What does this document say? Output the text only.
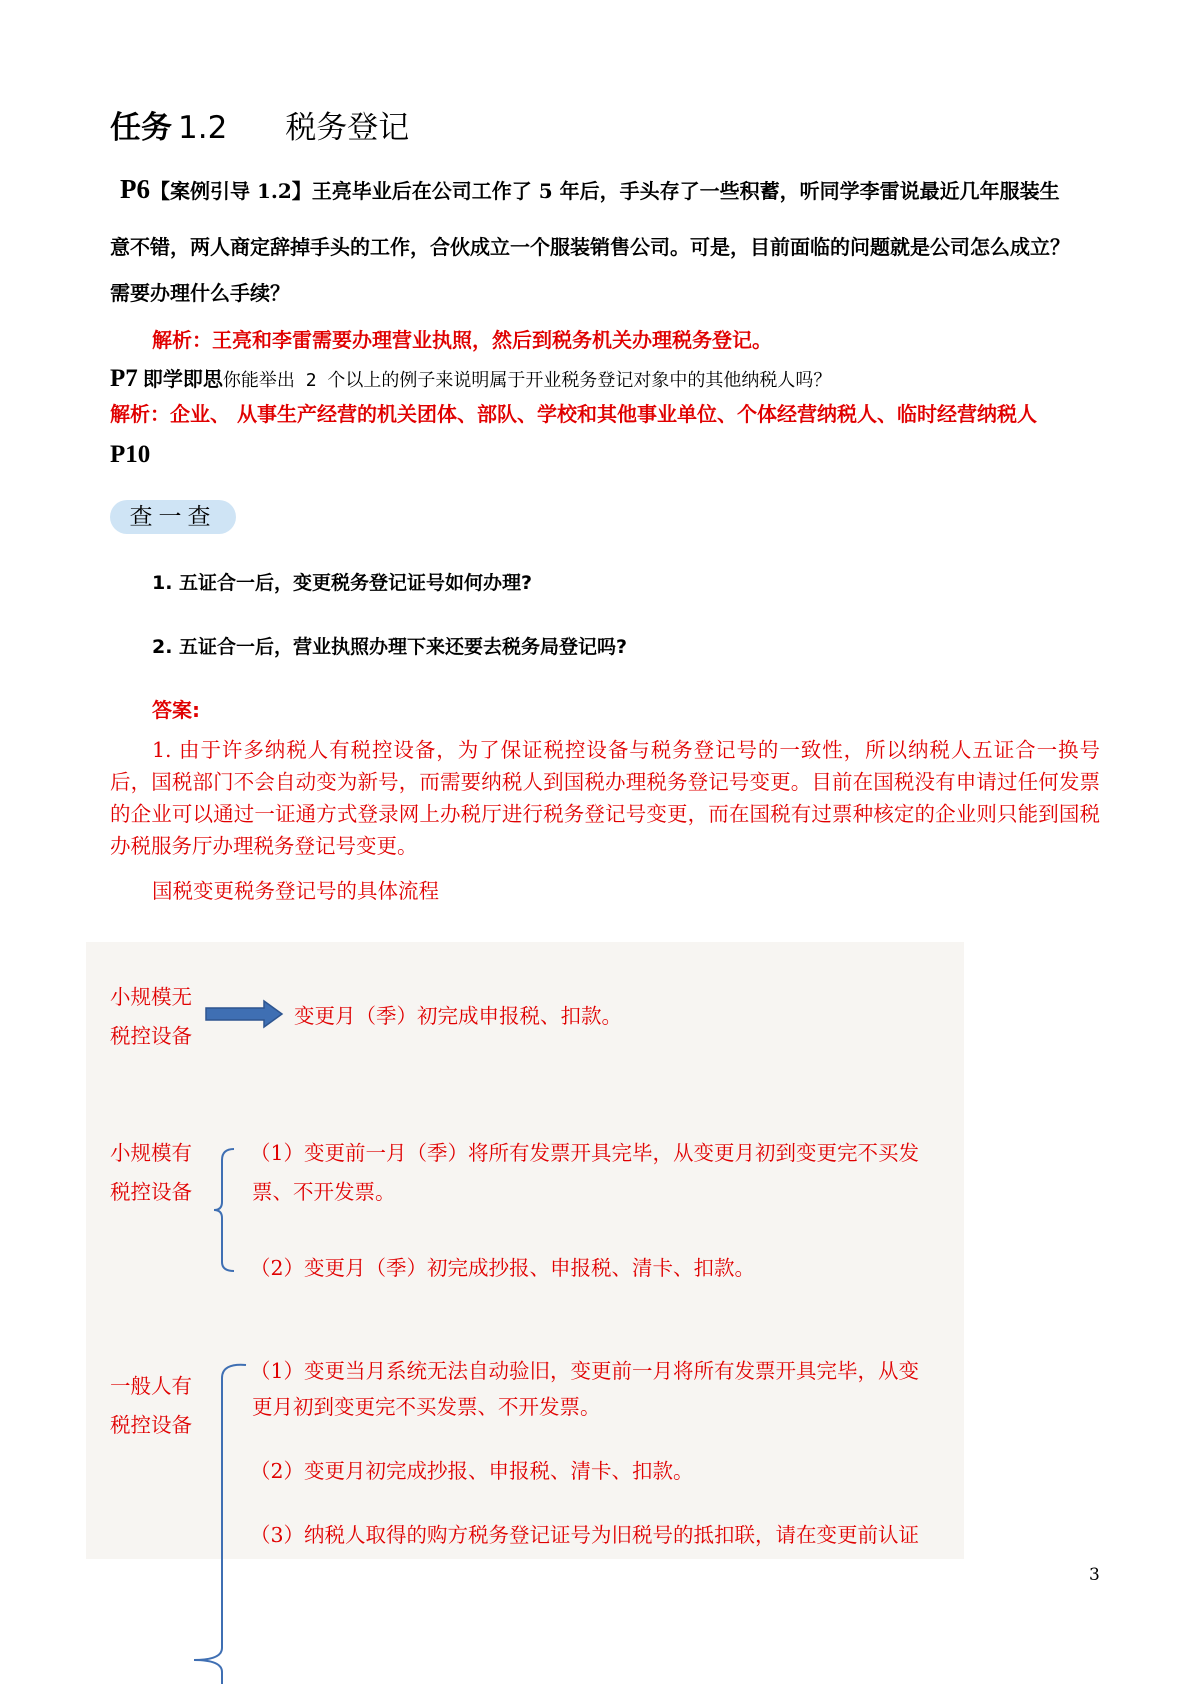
任务 1.2 税务登记
P6【案例引导 1.2】王亮毕业后在公司工作了 5 年后，手头存了一些积蓄，听同学李雷说最近几年服装生
意不错，两人商定辞掉手头的工作，合伙成立一个服装销售公司。可是，目前面临的问题就是公司怎么成立？
需要办理什么手续？
解析：王亮和李雷需要办理营业执照，然后到税务机关办理税务登记。
P7 即学即思你能举出 2 个以上的例子来说明属于开业税务登记对象中的其他纳税人吗？
解析：企业、 从事生产经营的机关团体、部队、学校和其他事业单位、个体经营纳税人、临时经营纳税人
P10
查一查
1. 五证合一后，变更税务登记证号如何办理?
2. 五证合一后，营业执照办理下来还要去税务局登记吗?
答案:
1. 由于许多纳税人有税控设备，为了保证税控设备与税务登记号的一致性，所以纳税人五证合一换号后，国税部门不会自动变为新号，而需要纳税人到国税办理税务登记号变更。目前在国税没有申请过任何发票的企业可以通过一证通方式登录网上办税厅进行税务登记号变更，而在国税有过票种核定的企业则只能到国税办税服务厅办理税务登记号变更。
国税变更税务登记号的具体流程
小规模无
税控设备
变更月（季）初完成申报税、扣款。
小规模有
税控设备
（1）变更前一月（季）将所有发票开具完毕，从变更月初到变更完不买发
票、不开发票。
（2）变更月（季）初完成抄报、申报税、清卡、扣款。
一般人有
税控设备
（1）变更当月系统无法自动验旧，变更前一月将所有发票开具完毕，从变
更月初到变更完不买发票、不开发票。
（2）变更月初完成抄报、申报税、清卡、扣款。
（3）纳税人取得的购方税务登记证号为旧税号的抵扣联，请在变更前认证
3
